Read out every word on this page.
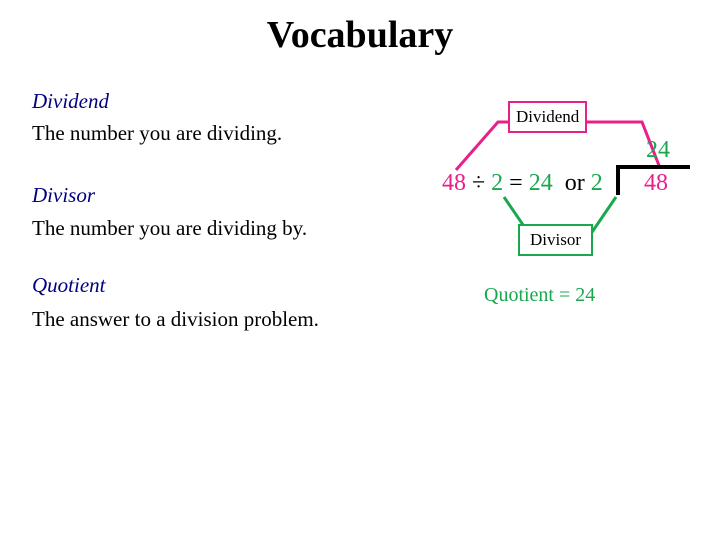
Vocabulary
Dividend
The number you are dividing.
Divisor
The number you are dividing by.
Quotient
The answer to a division problem.
Dividend
Divisor
24
48 ÷ 2 = 24 or 2 48
Quotient = 24
